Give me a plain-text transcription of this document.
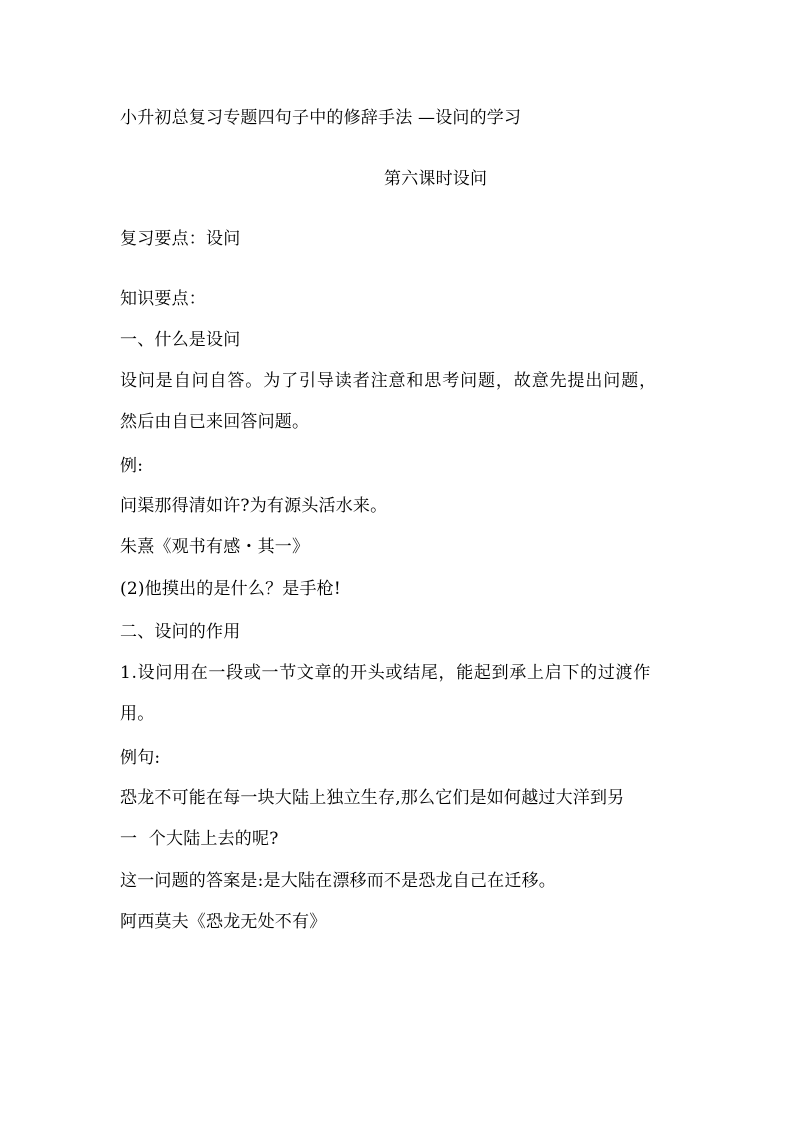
小升初总复习专题四句子中的修辞手法 —设问的学习
第六课时设问
复习要点：设问
知识要点：
一、什么是设问
设问是自问自答。为了引导读者注意和思考问题，故意先提出问题，
然后由自已来回答问题。
例:
问渠那得清如许?为有源头活水来。
朱熹《观书有感・其一》
(2)他摸出的是什么？是手枪!
二、设问的作用
1.设问用在一段或一节文章的开头或结尾，能起到承上启下的过渡作
用。
例句:
恐龙不可能在每一块大陆上独立生存,那么它们是如何越过大洋到另
一 个大陆上去的呢?
这一问题的答案是:是大陆在漂移而不是恐龙自己在迁移。
阿西莫夫《恐龙无处不有》
